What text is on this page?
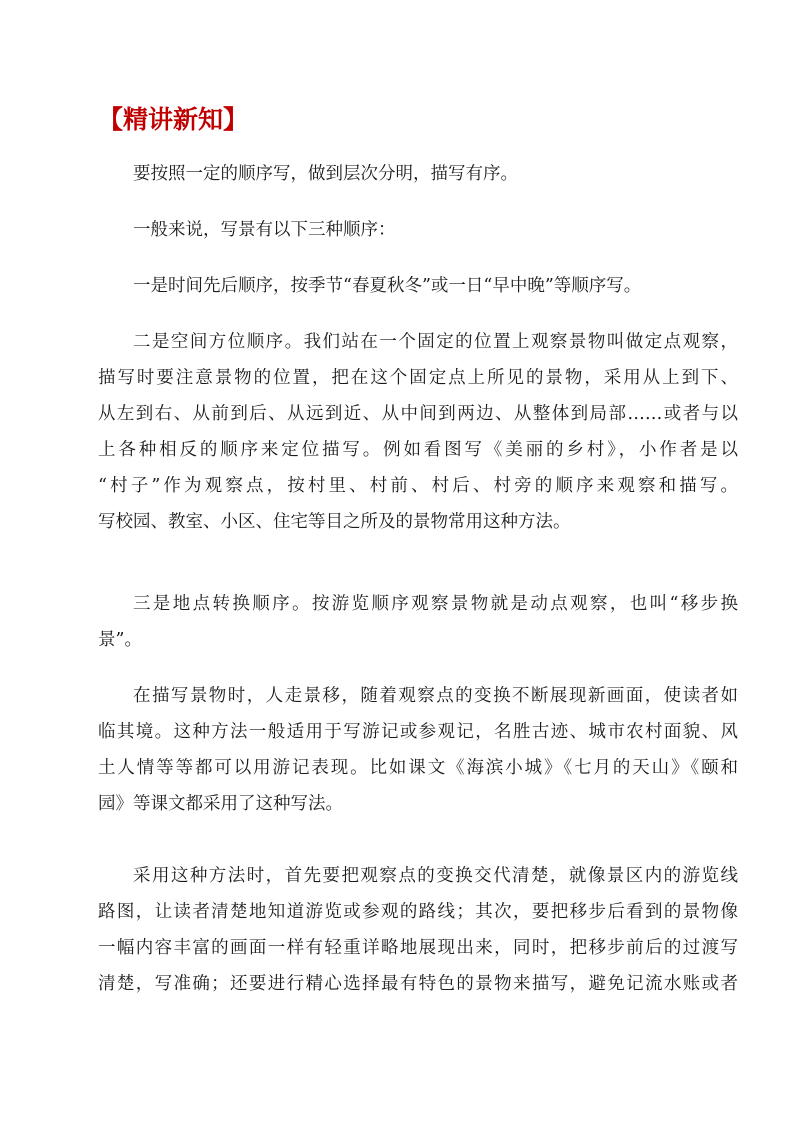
【精讲新知】
要按照一定的顺序写，做到层次分明，描写有序。
一般来说，写景有以下三种顺序：
一是时间先后顺序，按季节“春夏秋冬”或一日“早中晚”等顺序写。
二是空间方位顺序。我们站在一个固定的位置上观察景物叫做定点观察，
描写时要注意景物的位置，把在这个固定点上所见的景物，采用从上到下、
从左到右、从前到后、从远到近、从中间到两边、从整体到局部……或者与以
上各种相反的顺序来定位描写。例如看图写《美丽的乡村》，小作者是以
“村子”作为观察点，按村里、村前、村后、村旁的顺序来观察和描写。
写校园、教室、小区、住宅等目之所及的景物常用这种方法。
三是地点转换顺序。按游览顺序观察景物就是动点观察，也叫“移步换
景”。
在描写景物时，人走景移，随着观察点的变换不断展现新画面，使读者如
临其境。这种方法一般适用于写游记或参观记，名胜古迹、城市农村面貌、风
土人情等等都可以用游记表现。比如课文《海滨小城》《七月的天山》《颐和
园》等课文都采用了这种写法。
采用这种方法时，首先要把观察点的变换交代清楚，就像景区内的游览线
路图，让读者清楚地知道游览或参观的路线；其次，要把移步后看到的景物像
一幅内容丰富的画面一样有轻重详略地展现出来，同时，把移步前后的过渡写
清楚，写准确；还要进行精心选择最有特色的景物来描写，避免记流水账或者
